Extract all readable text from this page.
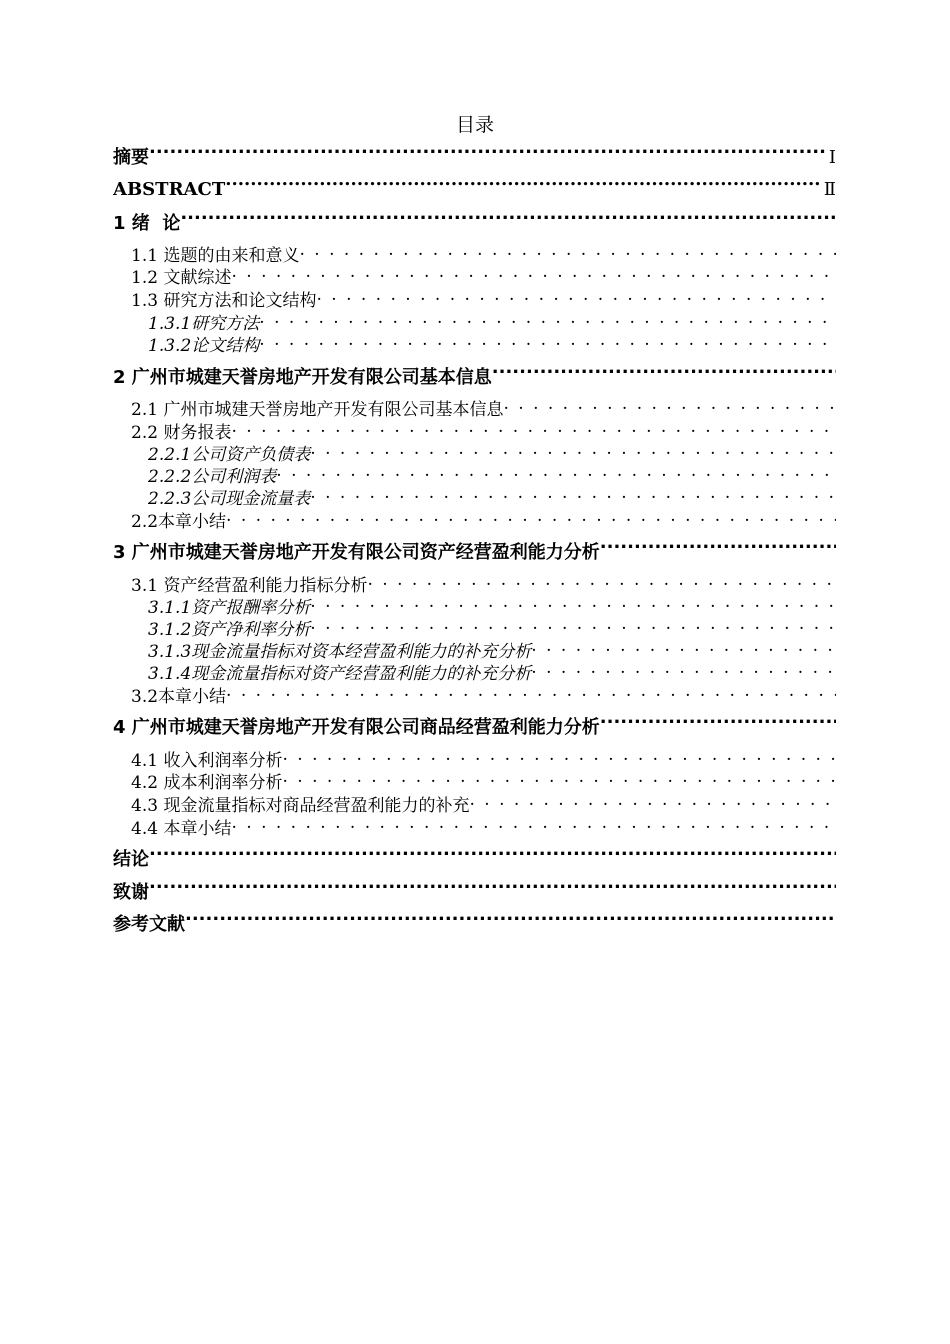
目录
摘要 .....	Ⅰ
ABSTRACT .....	Ⅱ
1 绪  论
.....
1.1 选题的由来和意义
. . .
1.2 文献综述
. . .
1.3 研究方法和论文结构
. . .
1.3.1研究方法
. . .
1.3.2论文结构
. . .
2 广州市城建天誉房地产开发有限公司基本信息
.....
2.1 广州市城建天誉房地产开发有限公司基本信息
. . .
2.2 财务报表
. . .
2.2.1公司资产负债表
. . .
2.2.2公司利润表
. . .
2.2.3公司现金流量表
. . .
2.2本章小结
. . .
3 广州市城建天誉房地产开发有限公司资产经营盈利能力分析
.....
3.1 资产经营盈利能力指标分析
. . .
3.1.1资产报酬率分析
. . .
3.1.2资产净利率分析
. . .
3.1.3现金流量指标对资本经营盈利能力的补充分析
. . .
3.1.4现金流量指标对资产经营盈利能力的补充分析
. . .
3.2本章小结
. . .
4 广州市城建天誉房地产开发有限公司商品经营盈利能力分析
.....
4.1 收入利润率分析
. . .
4.2 成本利润率分析
. . .
4.3 现金流量指标对商品经营盈利能力的补充
. . .
4.4 本章小结
. . .
结论
.....
致谢
.....
参考文献
.....
